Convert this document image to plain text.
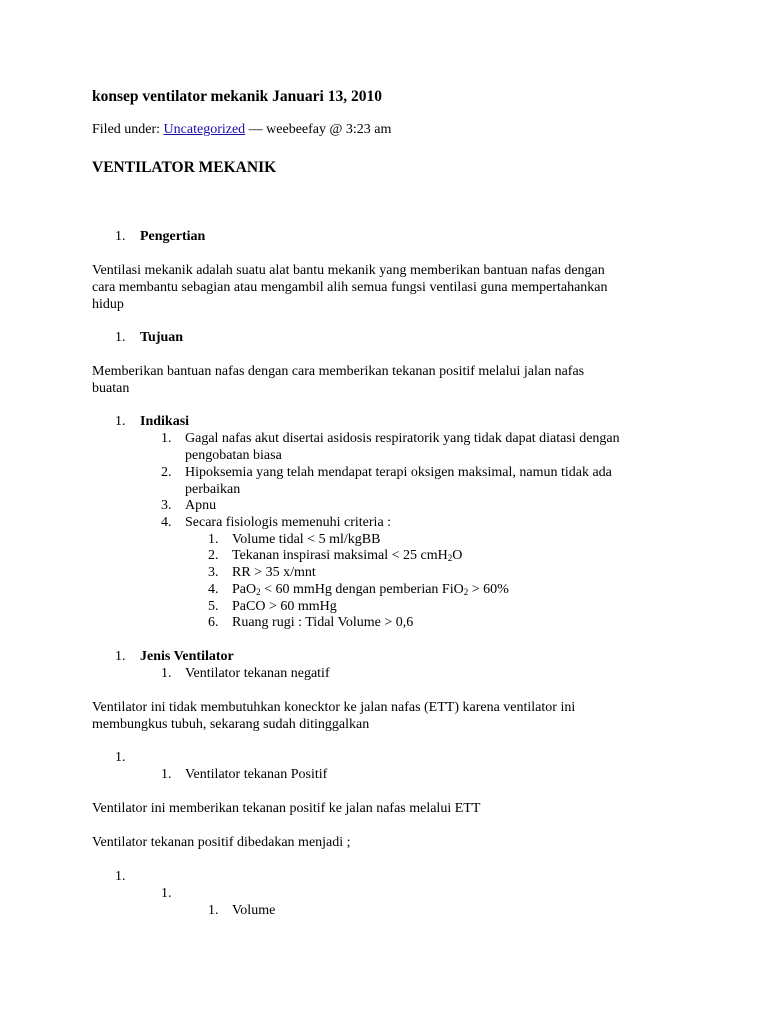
konsep ventilator mekanik Januari 13, 2010
Filed under: Uncategorized — weebeefay @ 3:23 am
VENTILATOR MEKANIK
1. Pengertian
Ventilasi mekanik adalah suatu alat bantu mekanik yang memberikan bantuan nafas dengan
cara membantu sebagian atau mengambil alih semua fungsi ventilasi guna mempertahankan
hidup
1. Tujuan
Memberikan bantuan nafas dengan cara memberikan tekanan positif melalui jalan nafas
buatan
1. Indikasi
1. Gagal nafas akut disertai asidosis respiratorik yang tidak dapat diatasi dengan
pengobatan biasa
2. Hipoksemia yang telah mendapat terapi oksigen maksimal, namun tidak ada
perbaikan
3. Apnu
4. Secara fisiologis memenuhi criteria :
1. Volume tidal < 5 ml/kgBB
2. Tekanan inspirasi maksimal < 25 cmH$_2$O
3. RR > 35 x/mnt
4. PaO$_2$ < 60 mmHg dengan pemberian FiO$_2$ > 60%
5. PaCO > 60 mmHg
6. Ruang rugi : Tidal Volume > 0,6
1. Jenis Ventilator
1. Ventilator tekanan negatif
Ventilator ini tidak membutuhkan konecktor ke jalan nafas (ETT) karena ventilator ini
membungkus tubuh, sekarang sudah ditinggalkan
1.
1. Ventilator tekanan Positif
Ventilator ini memberikan tekanan positif ke jalan nafas melalui ETT
Ventilator tekanan positif dibedakan menjadi ;
1.
1.
1. Volume
